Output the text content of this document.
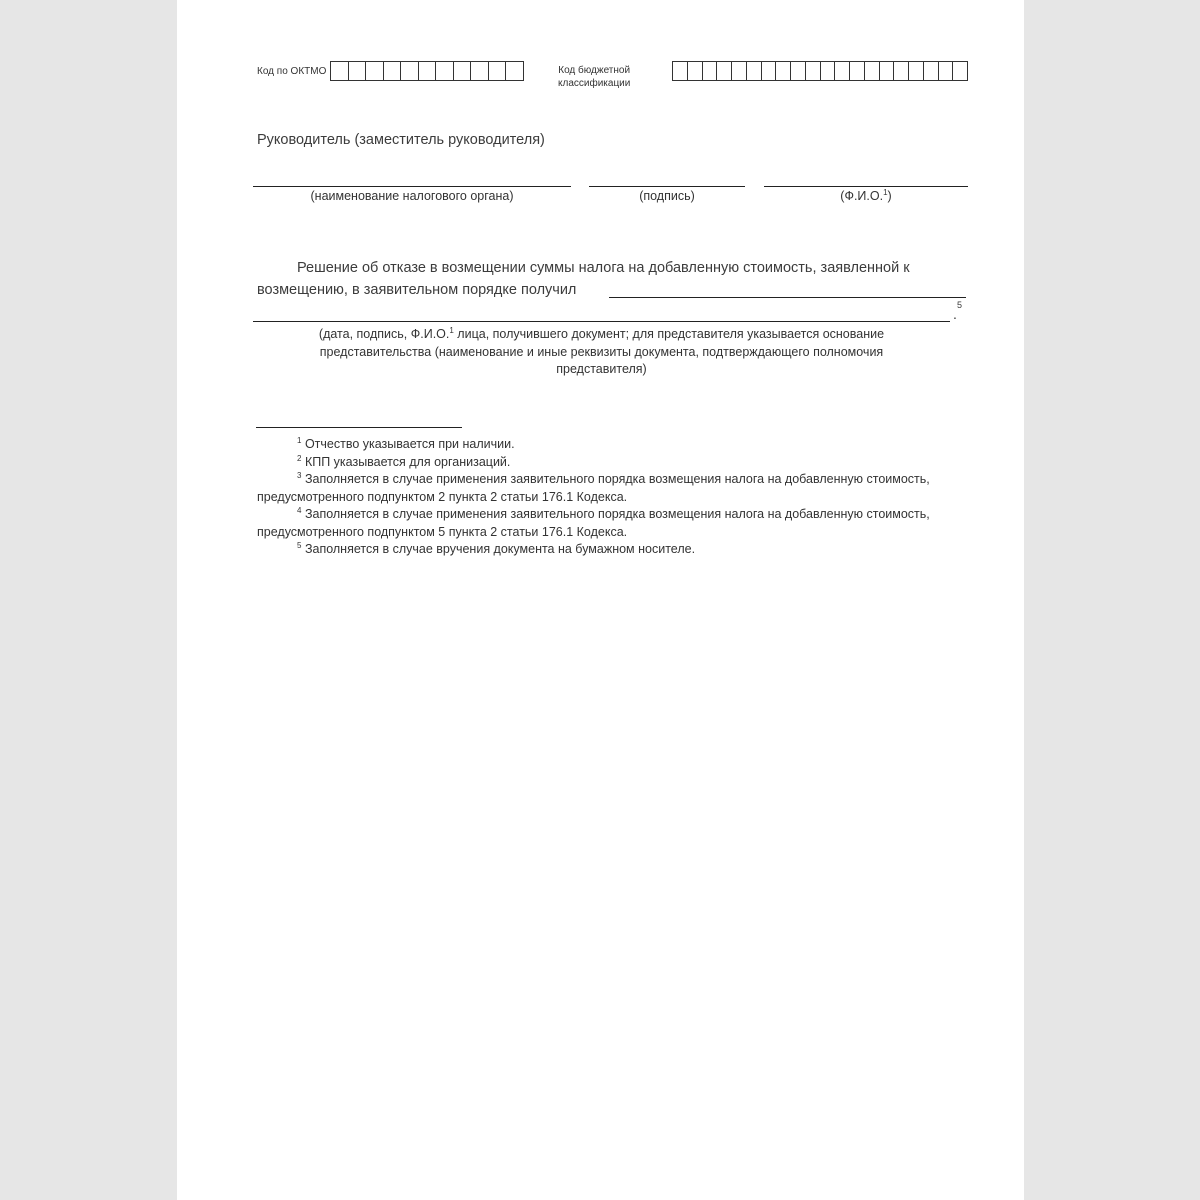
Код по ОКТМО	Код бюджетной
классификации
Руководитель (заместитель руководителя)
(наименование налогового органа)	(подпись)	(Ф.И.О.$^1$)
Решение об отказе в возмещении суммы налога на добавленную стоимость, заявленной к
возмещению, в заявительном порядке получил
5
.
(дата, подпись, Ф.И.О.$^1$ лица, получившего документ; для представителя указывается основание
представительства (наименование и иные реквизиты документа, подтверждающего полномочия
представителя)
$^1$ Отчество указывается при наличии.
$^2$ КПП указывается для организаций.
$^3$ Заполняется в случае применения заявительного порядка возмещения налога на добавленную стоимость,
предусмотренного подпунктом 2 пункта 2 статьи 176.1 Кодекса.
$^4$ Заполняется в случае применения заявительного порядка возмещения налога на добавленную стоимость,
предусмотренного подпунктом 5 пункта 2 статьи 176.1 Кодекса.
$^5$ Заполняется в случае вручения документа на бумажном носителе.
